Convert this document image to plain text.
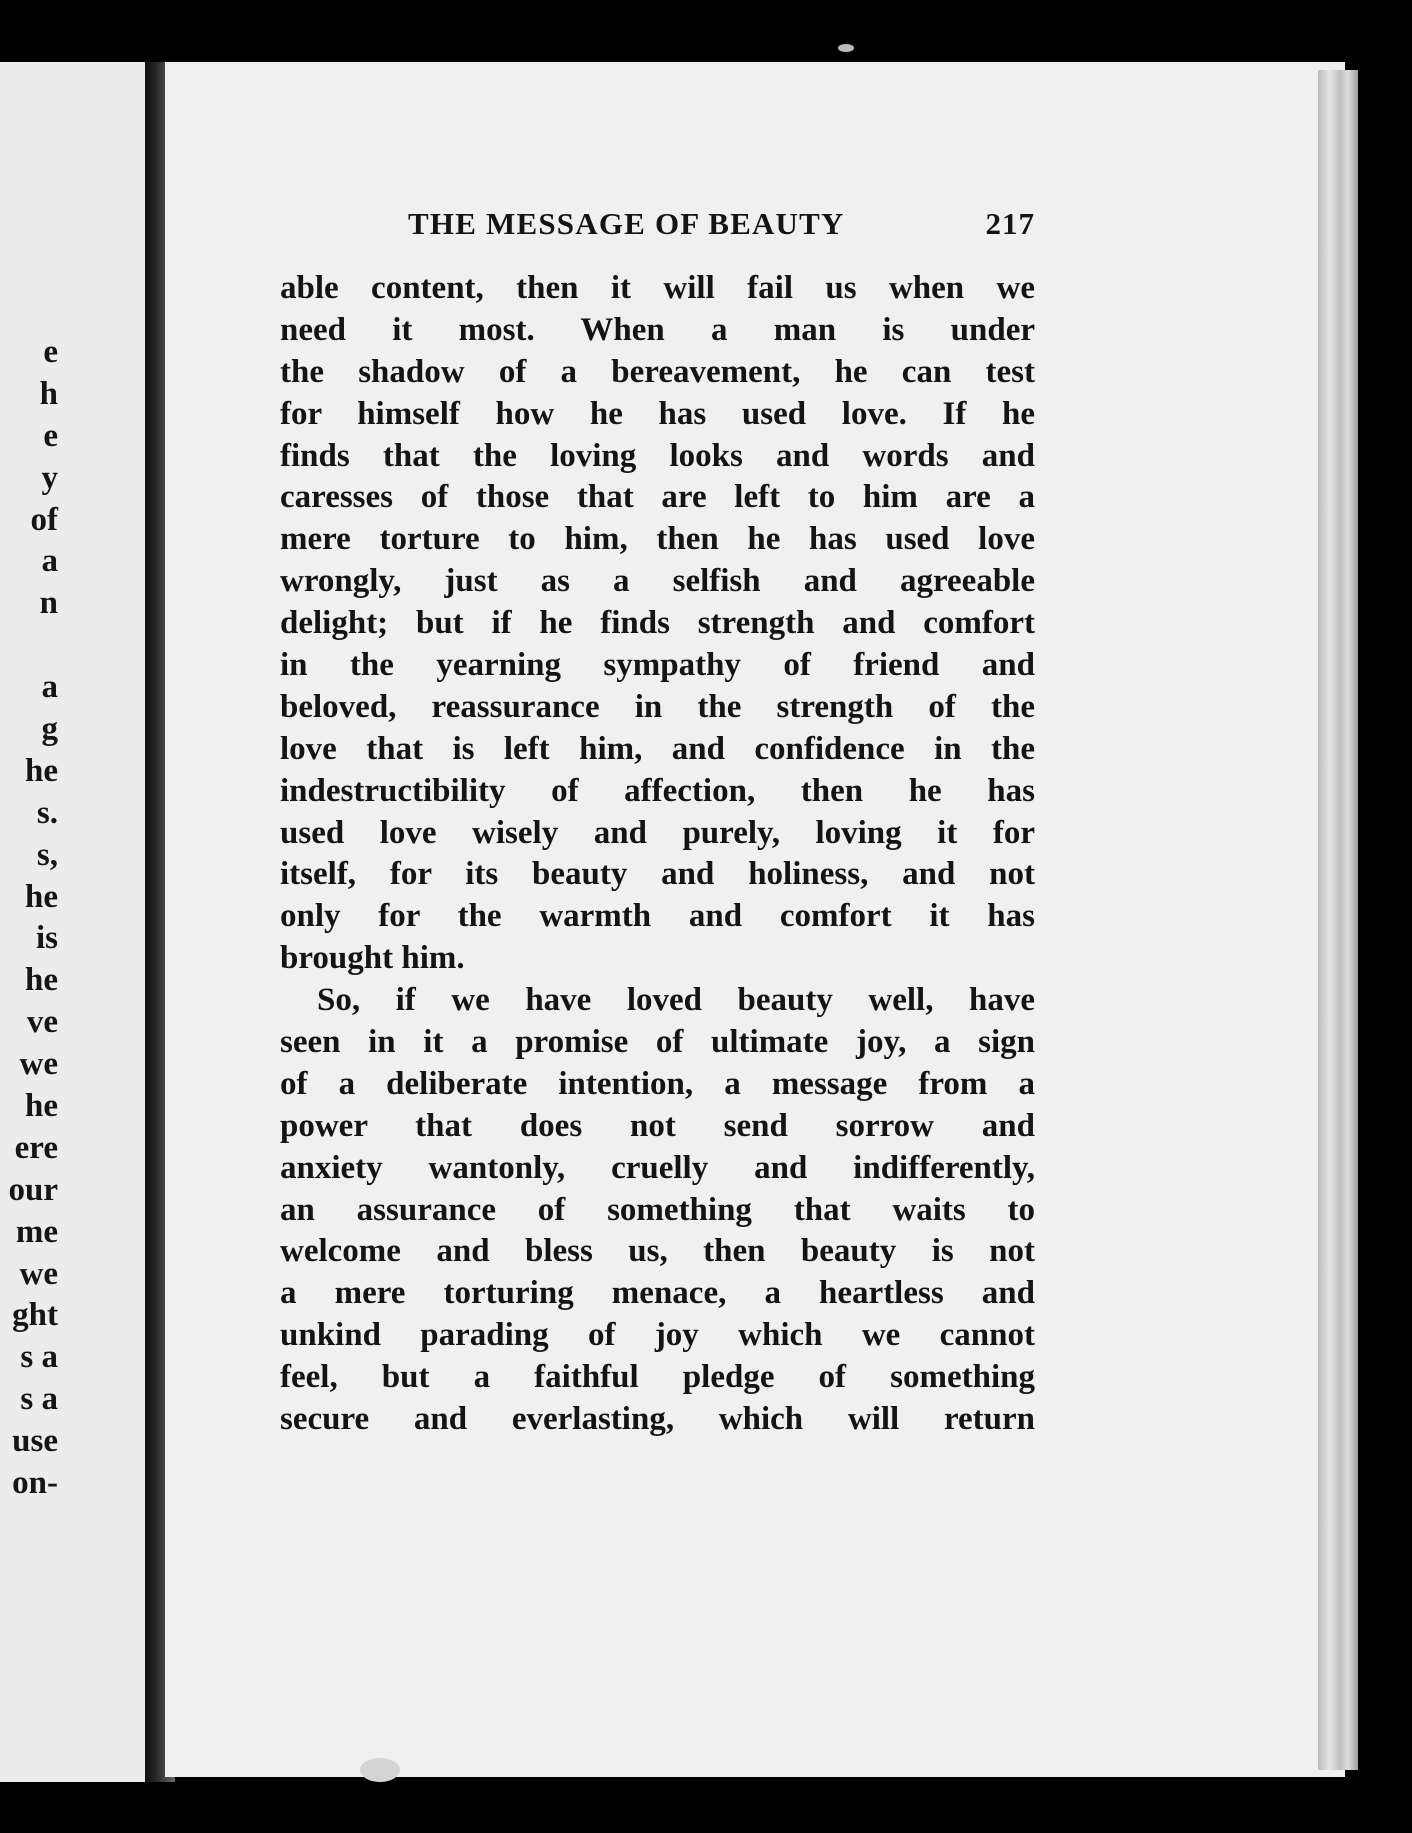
e
h
e
y
of
a
n
a
g
he
s.
s,
he
is
he
ve
we
he
ere
our
me
we
ght
s a
s a
use
on-
THE MESSAGE OF BEAUTY	217
able content, then it will fail us when we
need it most. When a man is under
the shadow of a bereavement, he can test
for himself how he has used love. If he
finds that the loving looks and words and
caresses of those that are left to him are a
mere torture to him, then he has used love
wrongly, just as a selfish and agreeable
delight; but if he finds strength and comfort
in the yearning sympathy of friend and
beloved, reassurance in the strength of the
love that is left him, and confidence in the
indestructibility of affection, then he has
used love wisely and purely, loving it for
itself, for its beauty and holiness, and not
only for the warmth and comfort it has
brought him.
So, if we have loved beauty well, have
seen in it a promise of ultimate joy, a sign
of a deliberate intention, a message from a
power that does not send sorrow and
anxiety wantonly, cruelly and indifferently,
an assurance of something that waits to
welcome and bless us, then beauty is not
a mere torturing menace, a heartless and
unkind parading of joy which we cannot
feel, but a faithful pledge of something
secure and everlasting, which will return
